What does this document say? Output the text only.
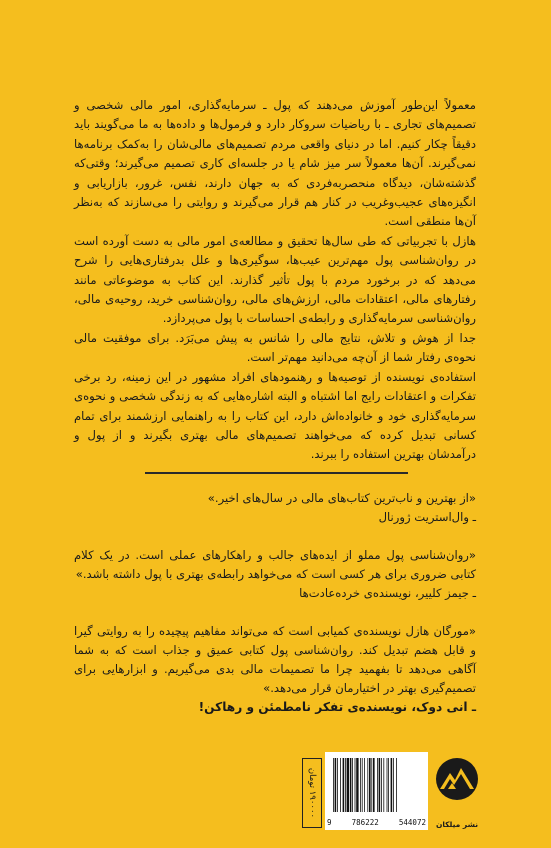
معمولاً این‌طور آموزش می‌دهند که پول ـ سرمایه‌گذاری، امور مالی شخصی و تصمیم‌های تجاری ـ با ریاضیات سروکار دارد و فرمول‌ها و داده‌ها به ما می‌گویند باید دقیقاً چکار کنیم. اما در دنیای واقعی مردم تصمیم‌های مالی‌شان را به‌کمک برنامه‌ها نمی‌گیرند. آن‌ها معمولاً سر میز شام یا در جلسه‌ای کاری تصمیم می‌گیرند؛ وقتی‌که گذشته‌شان، دیدگاه منحصربه‌فردی که به جهان دارند، نفس، غرور، بازاریابی و انگیزه‌های عجیب‌وغریب در کنار هم قرار می‌گیرند و روایتی را می‌سازند که به‌نظر آن‌ها منطقی است.

هازل با تجربیاتی که طی سال‌ها تحقیق و مطالعه‌ی امور مالی به دست آورده است در روان‌شناسی پول مهم‌ترین عیب‌ها، سوگیری‌ها و علل بدرفتاری‌هایی را شرح می‌دهد که در برخورد مردم با پول تأثیر گذارند. این کتاب به موضوعاتی مانند رفتارهای مالی، اعتقادات مالی، ارزش‌های مالی، روان‌شناسی خرید، روحیه‌ی مالی، روان‌شناسی سرمایه‌گذاری و رابطه‌ی احساسات با پول می‌پردازد.

جدا از هوش و تلاش، نتایج مالی را شانس به پیش می‌بَرَد. برای موفقیت مالی نحوه‌ی رفتار شما از آن‌چه می‌دانید مهم‌تر است.

استفاده‌ی نویسنده از توصیه‌ها و رهنمودهای افراد مشهور در این زمینه، رد برخی تفکرات و اعتقادات رایج اما اشتباه و البته اشاره‌هایی که به زندگی شخصی و نحوه‌ی سرمایه‌گذاری خود و خانواده‌اش دارد، این کتاب را به راهنمایی ارزشمند برای تمام کسانی تبدیل کرده که می‌خواهند تصمیم‌های مالی بهتری بگیرند و از پول و درآمدشان بهترین استفاده را ببرند.

«از بهترین و ناب‌ترین کتاب‌های مالی در سال‌های اخیر.»

ـ وال‌استریت ژورنال

«روان‌شناسی پول مملو از ایده‌های جالب و راهکارهای عملی است. در یک کلام کتابی ضروری برای هر کسی است که می‌خواهد رابطه‌ی بهتری با پول داشته باشد.»

ـ جیمز کلییر، نویسنده‌ی خرده‌عادت‌ها

«مورگان هازل نویسنده‌ی کمیابی است که می‌تواند مفاهیم پیچیده را به روایتی گیرا و قابل هضم تبدیل کند. روان‌شناسی پول کتابی عمیق و جذاب است که به شما آگاهی می‌دهد تا بفهمید چرا ما تصمیمات مالی بدی می‌گیریم. و ابزارهایی برای تصمیم‌گیری بهتر در اختیارمان قرار می‌دهد.»

ـ انی دوک، نویسنده‌ی تفکر نامطمئن و رهاکن!

۱۹۰۰۰۰ تومان
9	786222	544072 نشر میلکان
